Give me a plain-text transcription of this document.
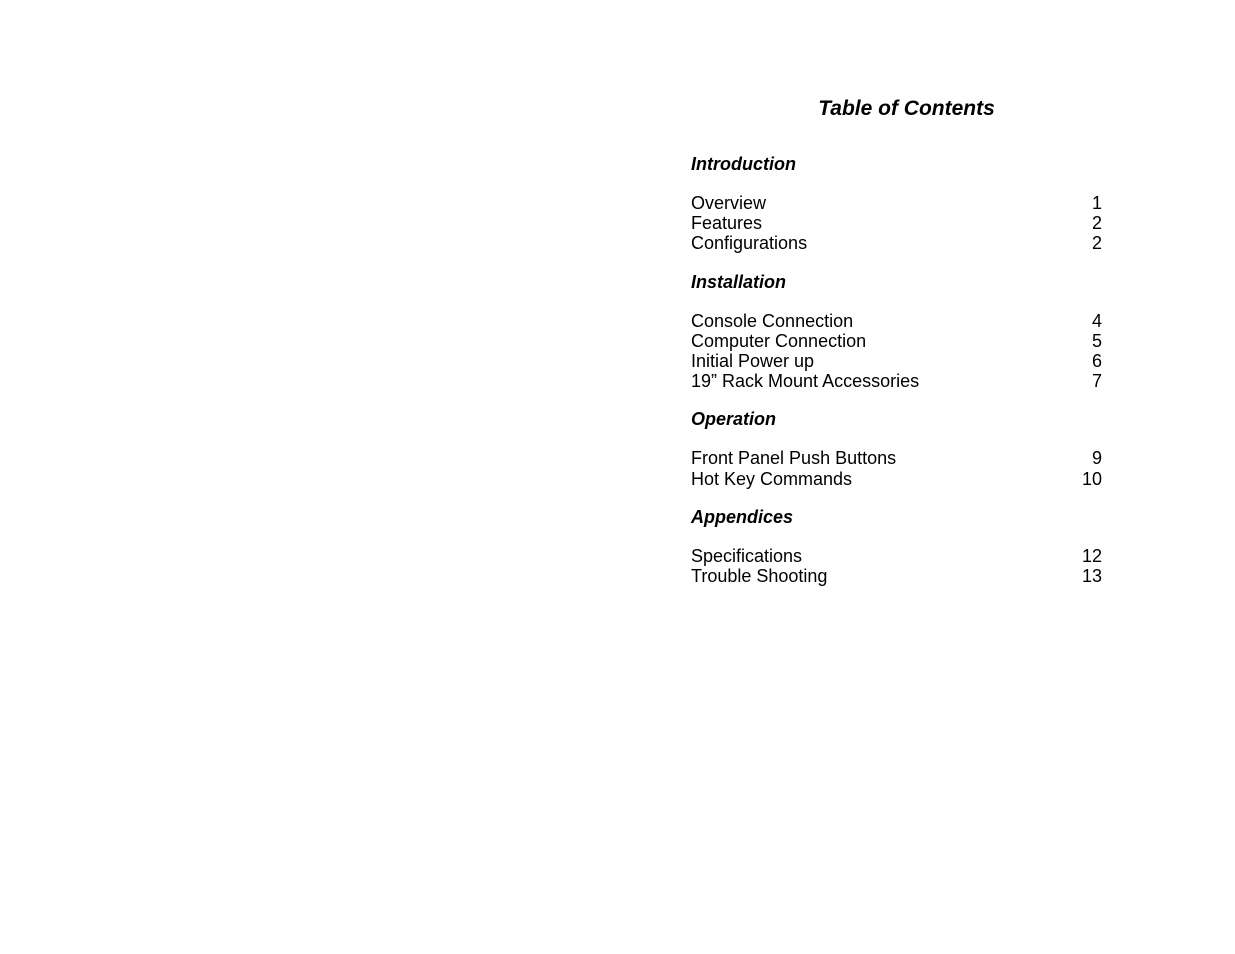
Table of Contents
Introduction
Overview	1
Features	2
Configurations	2
Installation
Console Connection	4
Computer Connection	5
Initial Power up	6
19” Rack Mount Accessories	7
Operation
Front Panel Push Buttons	9
Hot Key Commands	10
Appendices
Specifications	12
Trouble Shooting	13
